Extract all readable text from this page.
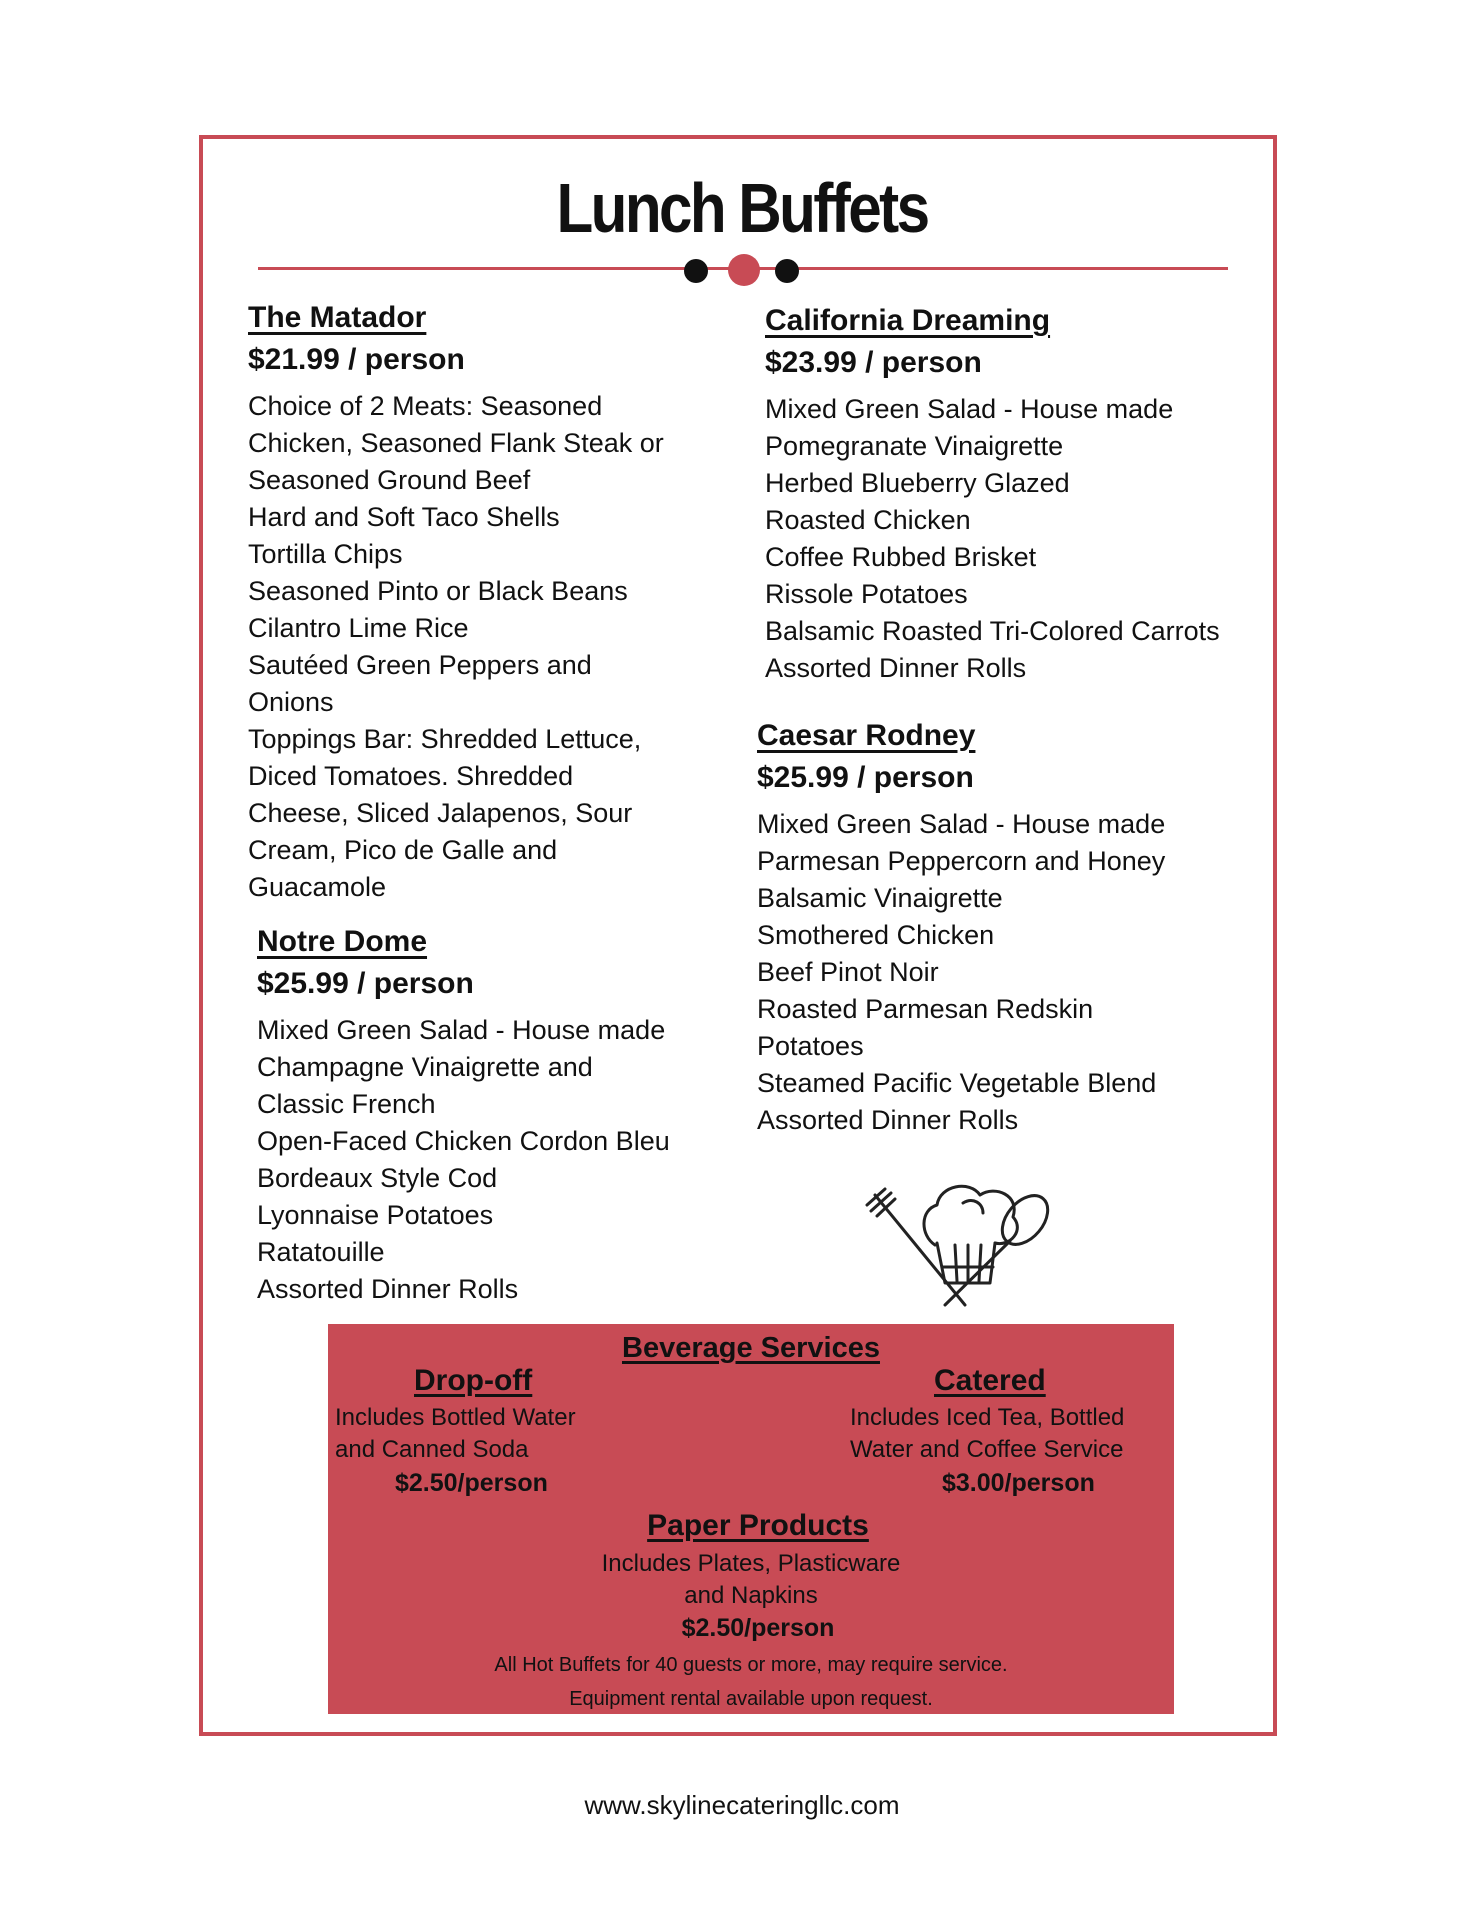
Lunch Buffets

The Matador

$21.99 / person

Choice of 2 Meats: Seasoned
Chicken, Seasoned Flank Steak or
Seasoned Ground Beef
Hard and Soft Taco Shells
Tortilla Chips
Seasoned Pinto or Black Beans
Cilantro Lime Rice
Sautéed Green Peppers and
Onions
Toppings Bar: Shredded Lettuce,
Diced Tomatoes. Shredded
Cheese, Sliced Jalapenos, Sour
Cream, Pico de Galle and
Guacamole

Notre Dome

$25.99 / person

Mixed Green Salad - House made
Champagne Vinaigrette and
Classic French
Open-Faced Chicken Cordon Bleu
Bordeaux Style Cod
Lyonnaise Potatoes
Ratatouille
Assorted Dinner Rolls

California Dreaming

$23.99 / person

Mixed Green Salad - House made
Pomegranate Vinaigrette
Herbed Blueberry Glazed
Roasted Chicken
Coffee Rubbed Brisket
Rissole Potatoes
Balsamic Roasted Tri-Colored Carrots
Assorted Dinner Rolls

Caesar Rodney

$25.99 / person

Mixed Green Salad - House made
Parmesan Peppercorn and Honey
Balsamic Vinaigrette
Smothered Chicken
Beef Pinot Noir
Roasted Parmesan Redskin
Potatoes
Steamed Pacific Vegetable Blend
Assorted Dinner Rolls
Beverage Services
Drop-off
Includes Bottled Water
and Canned Soda
$2.50/person
Catered
Includes Iced Tea, Bottled
Water and Coffee Service
$3.00/person
Paper Products
Includes Plates, Plasticware
and Napkins
$2.50/person
All Hot Buffets for 40 guests or more, may require service.
Equipment rental available upon request.
www.skylinecateringllc.com
